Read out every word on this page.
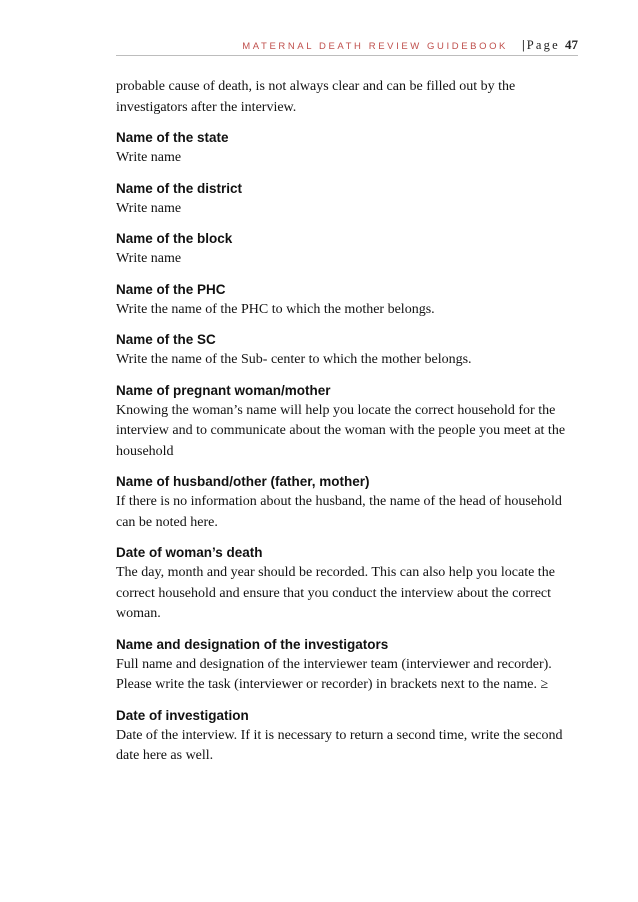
MATERNAL DEATH REVIEW GUIDEBOOK | Page 47

probable cause of death, is not always clear and can be filled out by the investigators after the interview.

Name of the state

Write name

Name of the district

Write name

Name of the block

Write name

Name of the PHC

Write the name of the PHC to which the mother belongs.

Name of the SC

Write the name of the Sub- center to which the mother belongs.

Name of pregnant woman/mother

Knowing the woman’s name will help you locate the correct household for the interview and to communicate about the woman with the people you meet at the household

Name of husband/other (father, mother)

If there is no information about the husband, the name of the head of household can be noted here.

Date of woman’s death

The day, month and year should be recorded. This can also help you locate the correct household and ensure that you conduct the interview about the correct woman.

Name and designation of the investigators

Full name and designation of the interviewer team (interviewer and recorder). Please write the task (interviewer or recorder) in brackets next to the name. ≥

Date of investigation

Date of the interview. If it is necessary to return a second time, write the second date here as well.
